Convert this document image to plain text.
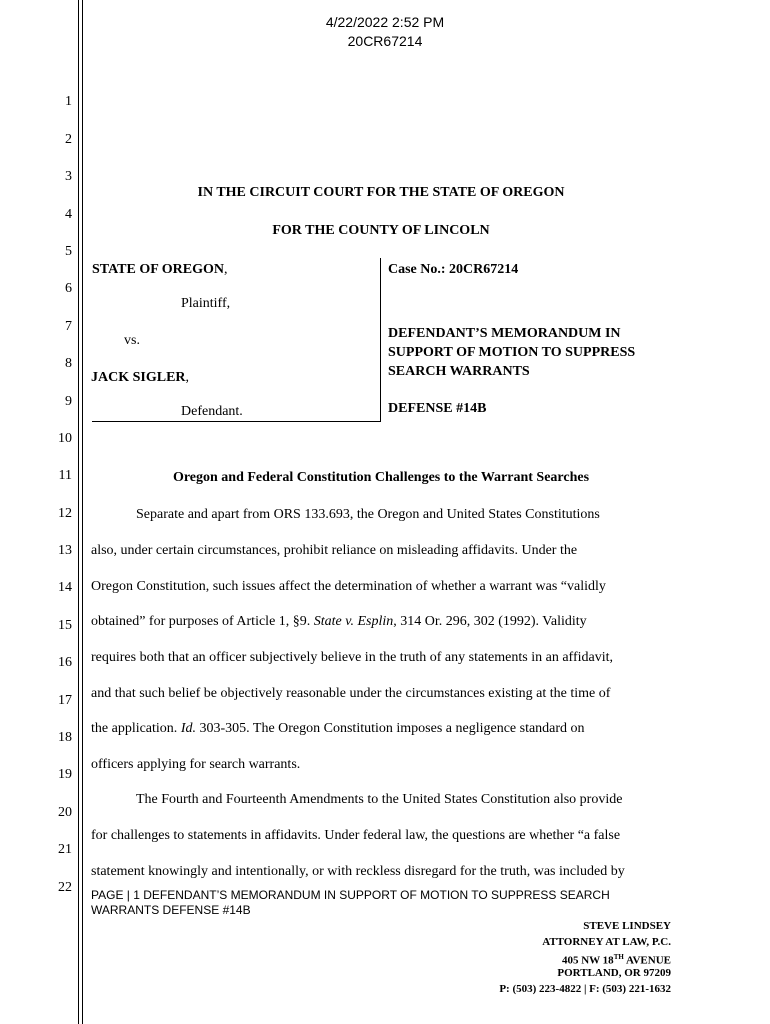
4/22/2022 2:52 PM
20CR67214
1
2
3
4
5
6
7
8
9
10
11
12
13
14
15
16
17
18
19
20
21
22
IN THE CIRCUIT COURT FOR THE STATE OF OREGON
FOR THE COUNTY OF LINCOLN
STATE OF OREGON,
Plaintiff,
vs.
JACK SIGLER,
Defendant.
Case No.: 20CR67214
DEFENDANT’S MEMORANDUM IN
SUPPORT OF MOTION TO SUPPRESS
SEARCH WARRANTS
DEFENSE #14B
Oregon and Federal Constitution Challenges to the Warrant Searches
Separate and apart from ORS 133.693, the Oregon and United States Constitutions
also, under certain circumstances, prohibit reliance on misleading affidavits. Under the
Oregon Constitution, such issues affect the determination of whether a warrant was “validly
obtained” for purposes of Article 1, §9. State v. Esplin, 314 Or. 296, 302 (1992). Validity
requires both that an officer subjectively believe in the truth of any statements in an affidavit,
and that such belief be objectively reasonable under the circumstances existing at the time of
the application. Id. 303-305. The Oregon Constitution imposes a negligence standard on
officers applying for search warrants.
The Fourth and Fourteenth Amendments to the United States Constitution also provide
for challenges to statements in affidavits. Under federal law, the questions are whether “a false
statement knowingly and intentionally, or with reckless disregard for the truth, was included by
PAGE | 1 DEFENDANT’S MEMORANDUM IN SUPPORT OF MOTION TO SUPPRESS SEARCH
WARRANTS DEFENSE #14B
STEVE LINDSEY
ATTORNEY AT LAW, P.C.
405 NW 18TH AVENUE
PORTLAND, OR 97209
P: (503) 223-4822 | F: (503) 221-1632
